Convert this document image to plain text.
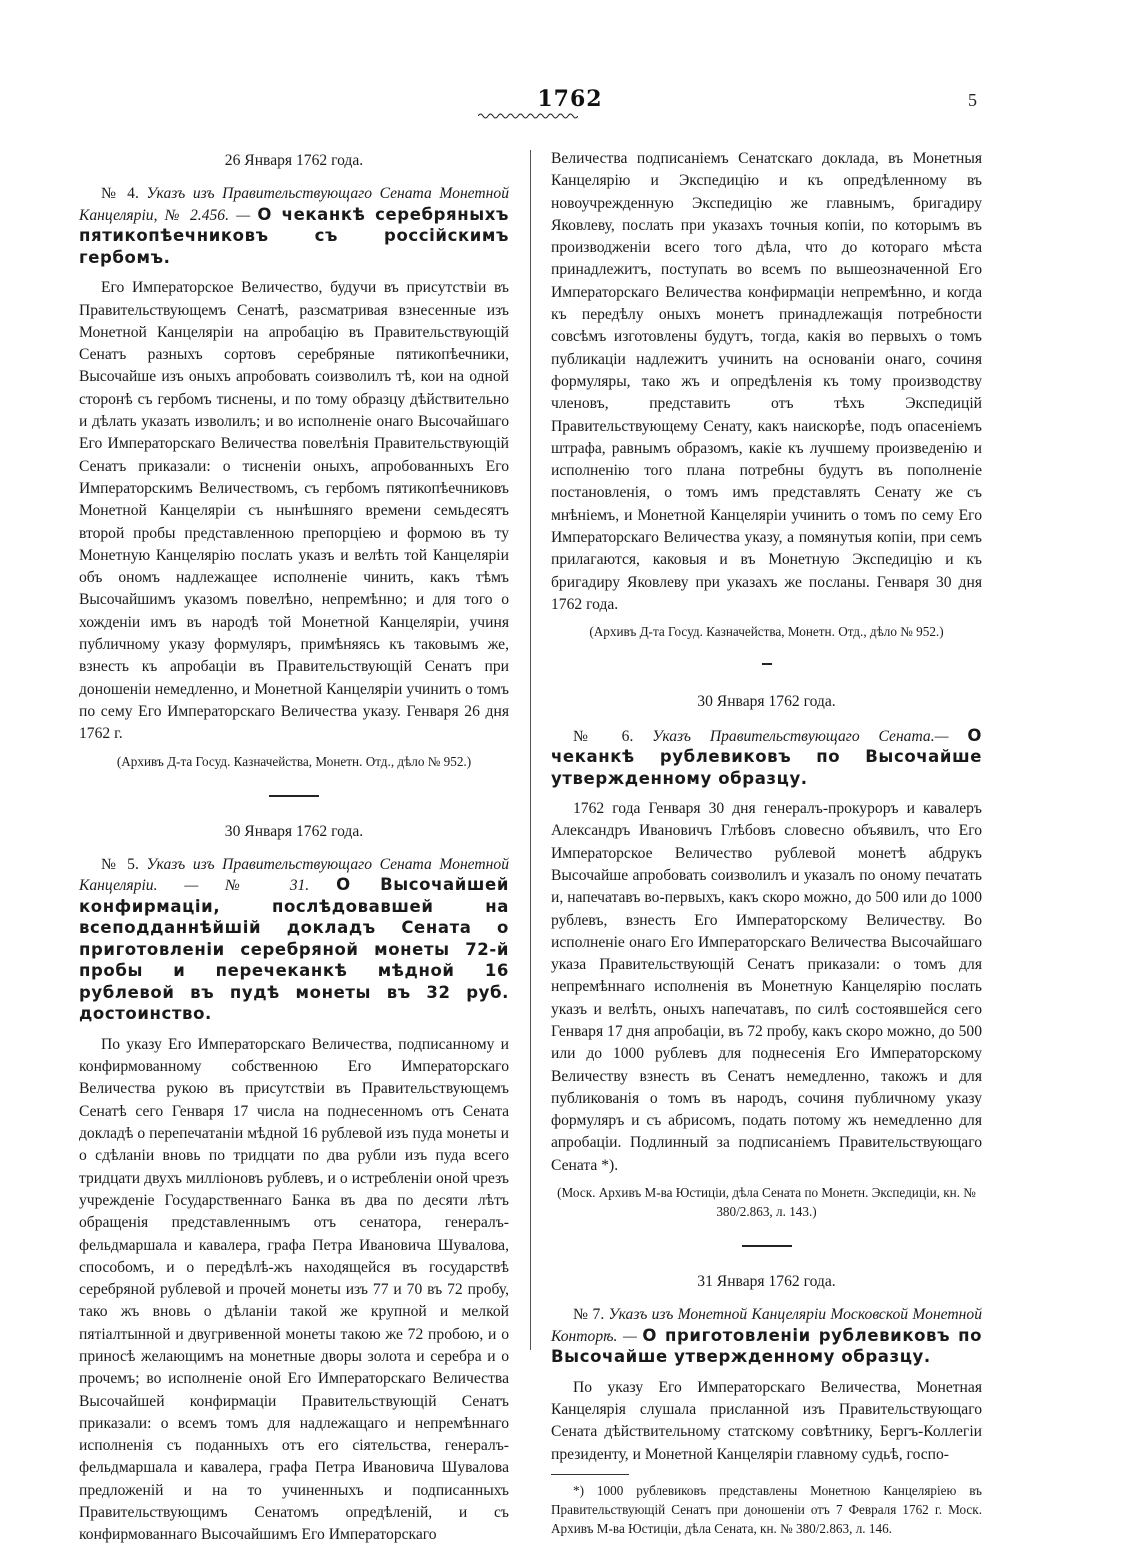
1762	5
26 Января 1762 года.
№ 4. Указъ изъ Правительствующаго Сената Монетной Канцеляріи, № 2.456. — О чеканкѣ серебряныхъ пятикопѣечниковъ съ россійскимъ гербомъ.

Его Императорское Величество, будучи въ присутствіи въ Правительствующемъ Сенатѣ, разсматривая взнесенные изъ Монетной Канцеляріи на апробацію въ Правительствующій Сенатъ разныхъ сортовъ серебряные пятикопѣечники, Высочайше изъ оныхъ апробовать соизволилъ тѣ, кои на одной сторонѣ съ гербомъ тиснены, и по тому образцу дѣйствительно и дѣлать указать изволилъ; и во исполненіе онаго Высочайшаго Его Императорскаго Величества повелѣнія Правительствующій Сенатъ приказали: о тисненіи оныхъ, апробованныхъ Его Императорскимъ Величествомъ, съ гербомъ пятикопѣечниковъ Монетной Канцеляріи съ нынѣшняго времени семьдесятъ второй пробы представленною препорціею и формою въ ту Монетную Канцелярію послать указъ и велѣть той Канцеляріи объ ономъ надлежащее исполненіе чинить, какъ тѣмъ Высочайшимъ указомъ повелѣно, непремѣнно; и для того о хожденіи имъ въ народѣ той Монетной Канцеляріи, учиня публичному указу формуляръ, примѣняясь къ таковымъ же, взнесть къ апробаціи въ Правительствующій Сенатъ при доношеніи немедленно, и Монетной Канцеляріи учинить о томъ по сему Его Императорскаго Величества указу. Генваря 26 дня 1762 г.

(Архивъ Д-та Госуд. Казначейства, Монетн. Отд., дѣло № 952.)
30 Января 1762 года.
№ 5. Указъ изъ Правительствующаго Сената Монетной Канцеляріи. — № 31. О Высочайшей конфирмаціи, послѣдовавшей на всеподданнѣйшій докладъ Сената о приготовленіи серебряной монеты 72-й пробы и перечеканкѣ мѣдной 16 рублевой въ пудѣ монеты въ 32 руб. достоинство.

По указу Его Императорскаго Величества, подписанному и конфирмованному собственною Его Императорскаго Величества рукою въ присутствіи въ Правительствующемъ Сенатѣ сего Генваря 17 числа на поднесенномъ отъ Сената докладѣ о перепечатаніи мѣдной 16 рублевой изъ пуда монеты и о сдѣланіи вновь по тридцати по два рубли изъ пуда всего тридцати двухъ милліоновъ рублевъ, и о истребленіи оной чрезъ учрежденіе Государственнаго Банка въ два по десяти лѣтъ обращенія представленнымъ отъ сенатора, генералъ-фельдмаршала и кавалера, графа Петра Ивановича Шувалова, способомъ, и о передѣлѣ-жъ находящейся въ государствѣ серебряной рублевой и прочей монеты изъ 77 и 70 въ 72 пробу, тако жъ вновь о дѣланіи такой же крупной и мелкой пятіалтынной и двугривенной монеты такою же 72 пробою, и о приносѣ желающимъ на монетные дворы золота и серебра и о прочемъ; во исполненіе оной Его Императорскаго Величества Высочайшей конфирмаціи Правительствующій Сенатъ приказали: о всемъ томъ для надлежащаго и непремѣннаго исполненія съ поданныхъ отъ его сіятельства, генералъ-фельдмаршала и кавалера, графа Петра Ивановича Шувалова предложеній и на то учиненныхъ и подписанныхъ Правительствующимъ Сенатомъ опредѣленій, и съ конфирмованнаго Высочайшимъ Его Императорскаго

Величества подписаніемъ Сенатскаго доклада, въ Монетныя Канцелярію и Экспедицію и къ опредѣленному въ новоучрежденную Экспедицію же главнымъ, бригадиру Яковлеву, послать при указахъ точныя копіи, по которымъ въ производженіи всего того дѣла, что до котораго мѣста принадлежитъ, поступать во всемъ по вышеозначенной Его Императорскаго Величества конфирмаціи непремѣнно, и когда къ передѣлу оныхъ монетъ принадлежащія потребности совсѣмъ изготовлены будутъ, тогда, какія во первыхъ о томъ публикаціи надлежитъ учинить на основаніи онаго, сочиня формуляры, тако жъ и опредѣленія къ тому производству членовъ, представить отъ тѣхъ Экспедицій Правительствующему Сенату, какъ наискорѣе, подъ опасеніемъ штрафа, равнымъ образомъ, какіе къ лучшему произведенію и исполненію того плана потребны будутъ въ пополненіе постановленія, о томъ имъ представлять Сенату же съ мнѣніемъ, и Монетной Канцеляріи учинить о томъ по сему Его Императорскаго Величества указу, а помянутыя копіи, при семъ прилагаются, каковыя и въ Монетную Экспедицію и къ бригадиру Яковлеву при указахъ же посланы. Генваря 30 дня 1762 года.

(Архивъ Д-та Госуд. Казначейства, Монетн. Отд., дѣло № 952.)
30 Января 1762 года.
№ 6. Указъ Правительствующаго Сената.— О чеканкѣ рублевиковъ по Высочайше утвержденному образцу.

1762 года Генваря 30 дня генералъ-прокуроръ и кавалеръ Александръ Ивановичъ Глѣбовъ словесно объявилъ, что Его Императорское Величество рублевой монетѣ абдрукъ Высочайше апробовать соизволилъ и указалъ по оному печатать и, напечатавъ во-первыхъ, какъ скоро можно, до 500 или до 1000 рублевъ, взнесть Его Императорскому Величеству. Во исполненіе онаго Его Императорскаго Величества Высочайшаго указа Правительствующій Сенатъ приказали: о томъ для непремѣннаго исполненія въ Монетную Канцелярію послать указъ и велѣть, оныхъ напечатавъ, по силѣ состоявшейся сего Генваря 17 дня апробаціи, въ 72 пробу, какъ скоро можно, до 500 или до 1000 рублевъ для поднесенія Его Императорскому Величеству взнесть въ Сенатъ немедленно, такожъ и для публикованія о томъ въ народъ, сочиня публичному указу формуляръ и съ абрисомъ, подать потому жъ немедленно для апробаціи. Подлинный за подписаніемъ Правительствующаго Сената *).

(Моск. Архивъ М-ва Юстиціи, дѣла Сената по Монетн. Экспедиціи, кн. № 380/2.863, л. 143.)
31 Января 1762 года.
№ 7. Указъ изъ Монетной Канцеляріи Московской Монетной Конторѣ. — О приготовленіи рублевиковъ по Высочайше утвержденному образцу.

По указу Его Императорскаго Величества, Монетная Канцелярія слушала присланной изъ Правительствующаго Сената дѣйствительному статскому совѣтнику, Бергъ-Коллегіи президенту, и Монетной Канцеляріи главному судьѣ, госпо-

*) 1000 рублевиковъ представлены Монетною Канцеляріею въ Правительствующій Сенатъ при доношеніи отъ 7 Февраля 1762 г. Моск. Архивъ М-ва Юстиціи, дѣла Сената, кн. № 380/2.863, л. 146.
